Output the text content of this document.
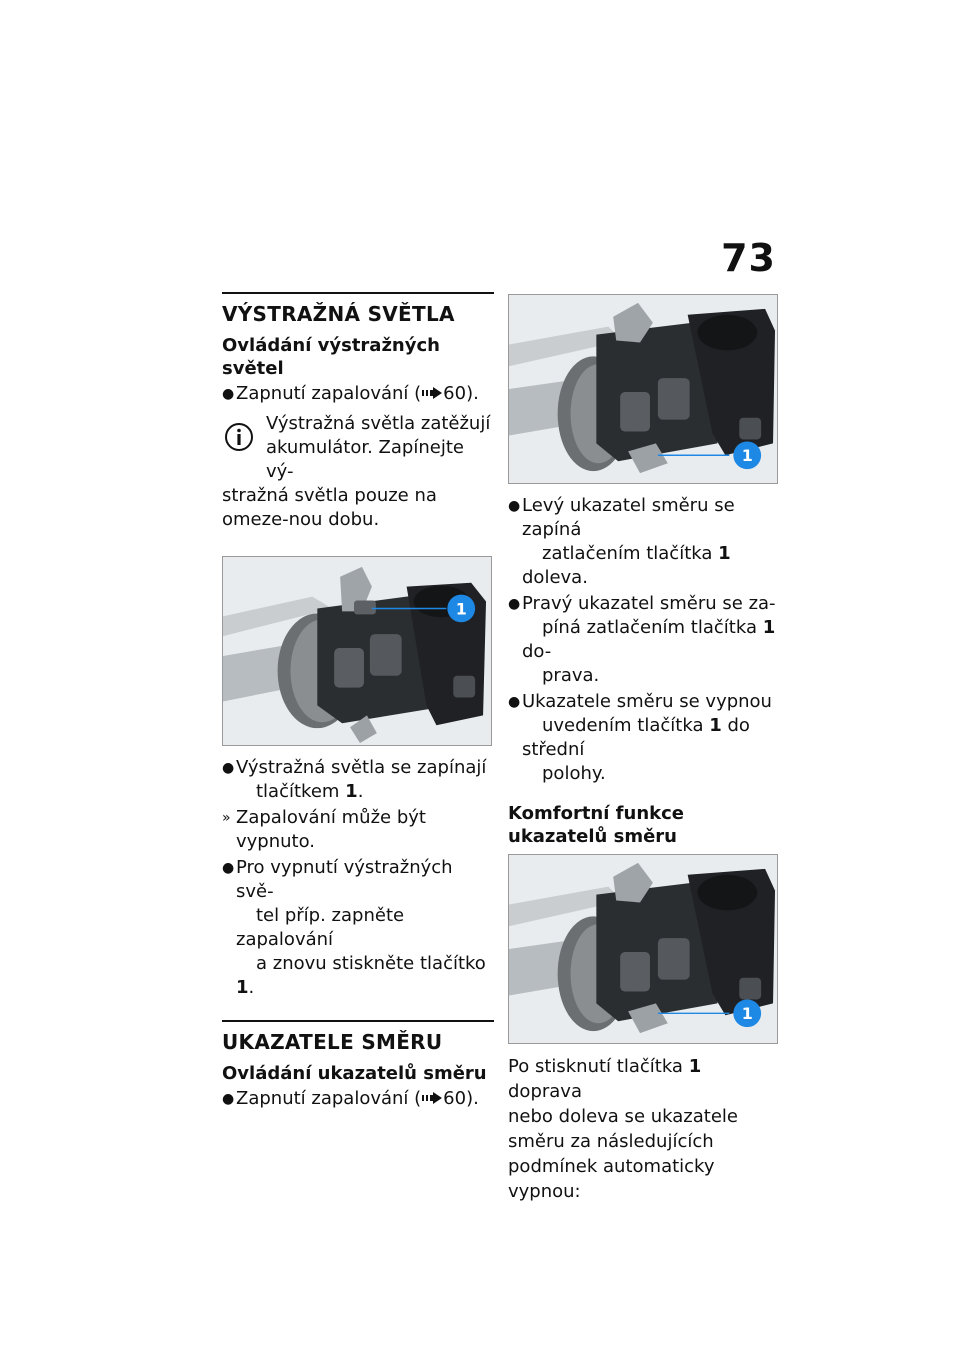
73
VÝSTRAŽNÁ SVĚTLA
Ovládání výstražných světel
● Zapnutí zapalování ( 60).
Výstražná světla zatěžují akumulátor. Zapínejte vý-
stražná světla pouze na omeze-nou dobu.
1
● Výstražná světla se zapínají
tlačítkem 1.
» Zapalování může být vypnuto.
● Pro vypnutí výstražných svě-
tel příp. zapněte zapalování
a znovu stiskněte tlačítko 1.
UKAZATELE SMĚRU
Ovládání ukazatelů směru
● Zapnutí zapalování ( 60).
1
● Levý ukazatel směru se zapíná
zatlačením tlačítka 1 doleva.
● Pravý ukazatel směru se za-
píná zatlačením tlačítka 1 do-
prava.
● Ukazatele směru se vypnou
uvedením tlačítka 1 do střední
polohy.
Komfortní funkce ukazatelů směru
1
Po stisknutí tlačítka 1 doprava
nebo doleva se ukazatele
směru za následujících
podmínek automaticky vypnou:
